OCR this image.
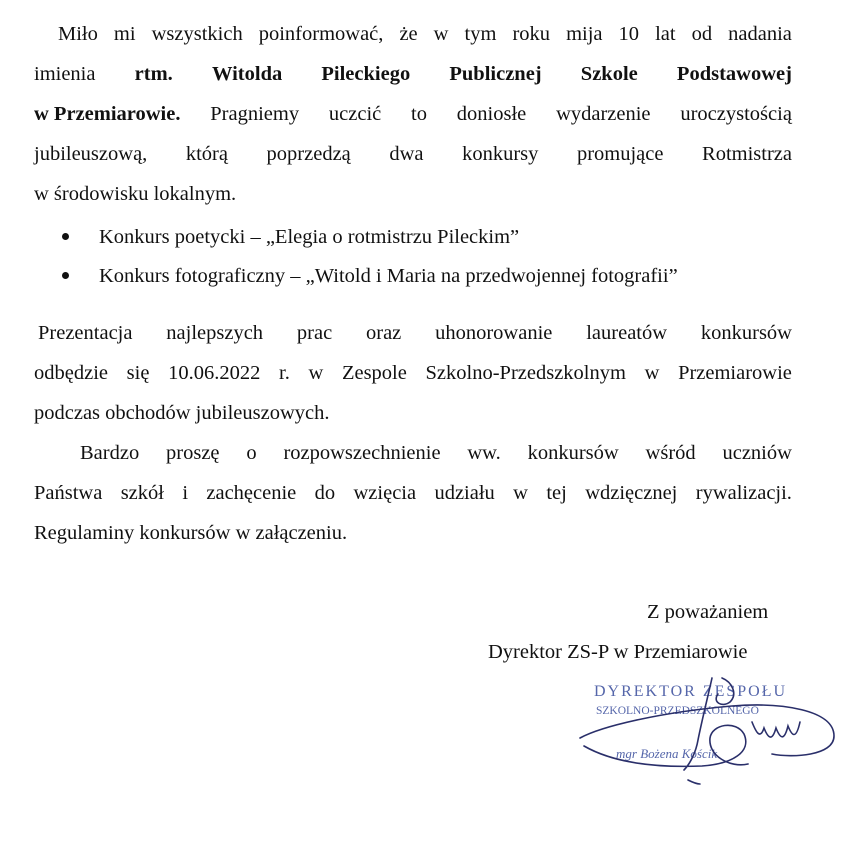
Miło mi wszystkich poinformować, że w tym roku mija 10 lat od nadania
imienia rtm. Witolda Pileckiego Publicznej Szkole Podstawowej
w Przemiarowie. Pragniemy uczcić to doniosłe wydarzenie uroczystością
jubileuszową, którą poprzedzą dwa konkursy promujące Rotmistrza
w środowisku lokalnym.
Konkurs poetycki – „Elegia o rotmistrzu Pileckim”
Konkurs fotograficzny – „Witold i Maria na przedwojennej fotografii”
Prezentacja najlepszych prac oraz uhonorowanie laureatów konkursów
odbędzie się 10.06.2022 r. w Zespole Szkolno-Przedszkolnym w Przemiarowie
podczas obchodów jubileuszowych.
Bardzo proszę o rozpowszechnienie ww. konkursów wśród uczniów
Państwa szkół i zachęcenie do wzięcia udziału w tej wdzięcznej rywalizacji.
Regulaminy konkursów w załączeniu.
Z poważaniem
Dyrektor ZS-P w Przemiarowie
DYREKTOR ZESPOŁU
SZKOLNO-PRZEDSZKOLNEGO
mgr Bożena Kościk
